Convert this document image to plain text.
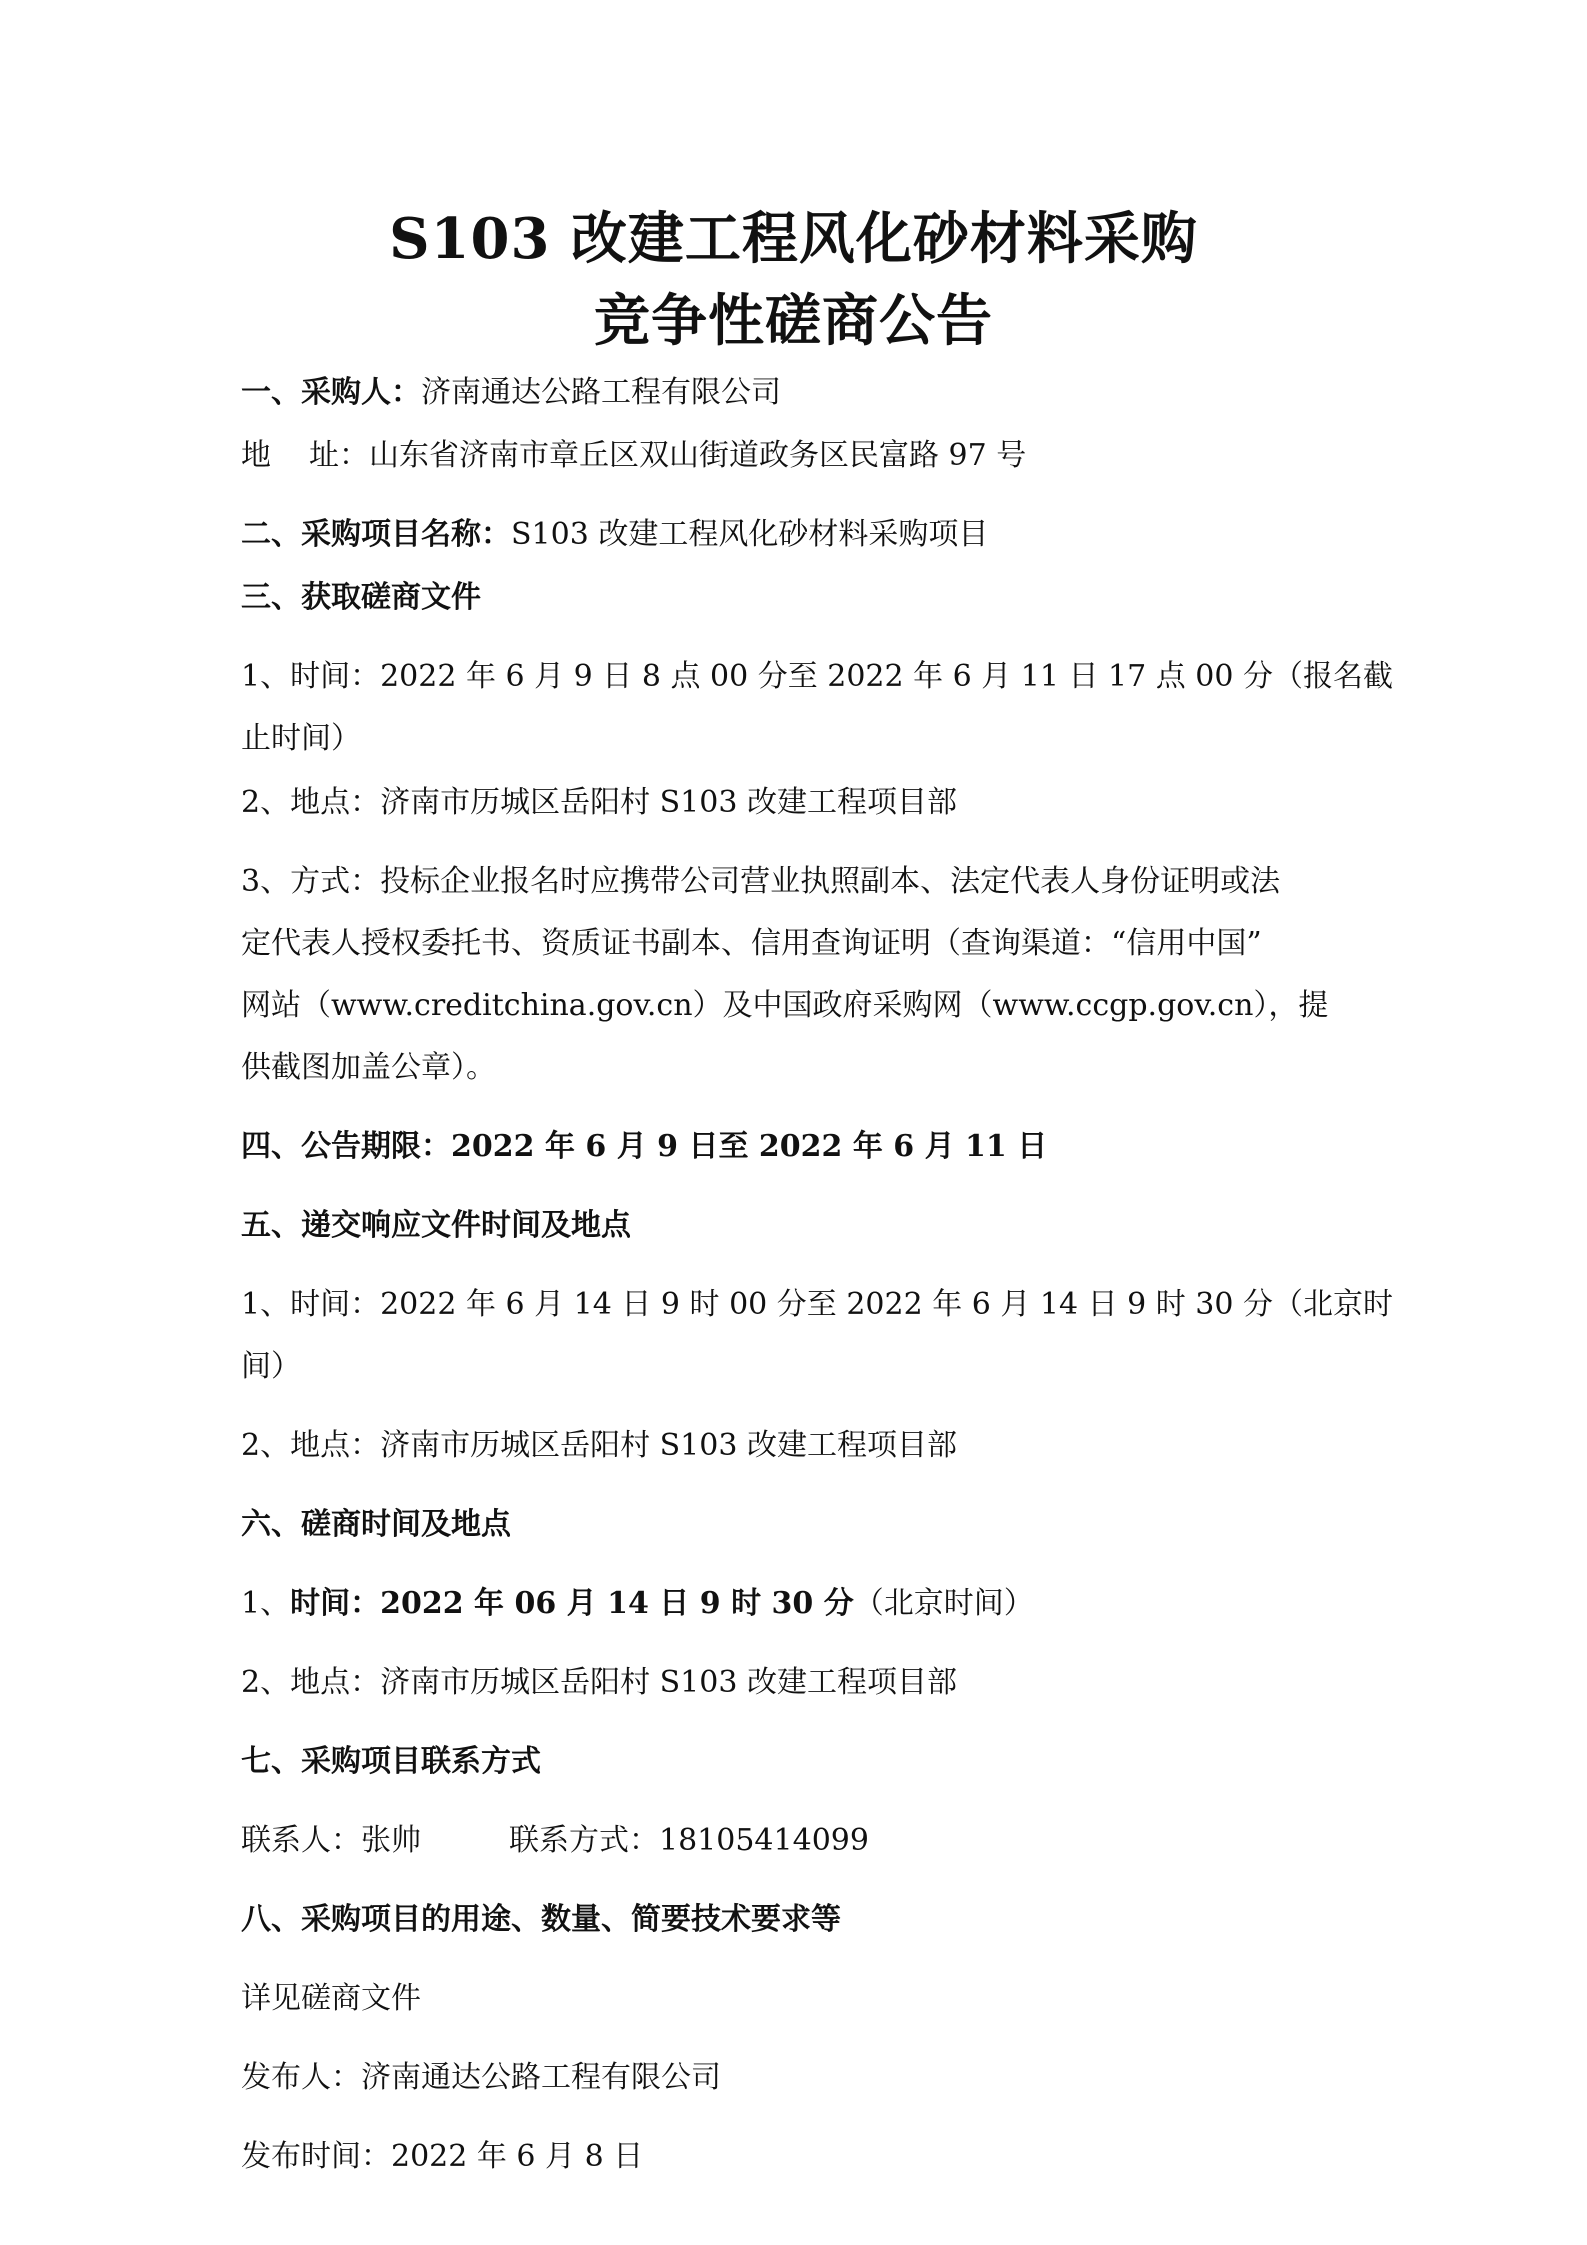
S103 改建工程风化砂材料采购
竞争性磋商公告
一、采购人：济南通达公路工程有限公司
地 址：山东省济南市章丘区双山街道政务区民富路 97 号
二、采购项目名称：S103 改建工程风化砂材料采购项目
三、获取磋商文件
1、时间：2022 年 6 月 9 日 8 点 00 分至 2022 年 6 月 11 日 17 点 00 分（报名截
止时间）
2、地点：济南市历城区岳阳村 S103 改建工程项目部
3、方式：投标企业报名时应携带公司营业执照副本、法定代表人身份证明或法
定代表人授权委托书、资质证书副本、信用查询证明（查询渠道：“信用中国”
网站（www.creditchina.gov.cn）及中国政府采购网（www.ccgp.gov.cn），提
供截图加盖公章）。
四、公告期限：2022 年 6 月 9 日至 2022 年 6 月 11 日
五、递交响应文件时间及地点
1、时间：2022 年 6 月 14 日 9 时 00 分至 2022 年 6 月 14 日 9 时 30 分（北京时
间）
2、地点：济南市历城区岳阳村 S103 改建工程项目部
六、磋商时间及地点
1、时间：2022 年 06 月 14 日 9 时 30 分（北京时间）
2、地点：济南市历城区岳阳村 S103 改建工程项目部
七、采购项目联系方式
联系人：张帅	联系方式：18105414099
八、采购项目的用途、数量、简要技术要求等
详见磋商文件
发布人：济南通达公路工程有限公司
发布时间：2022 年 6 月 8 日
